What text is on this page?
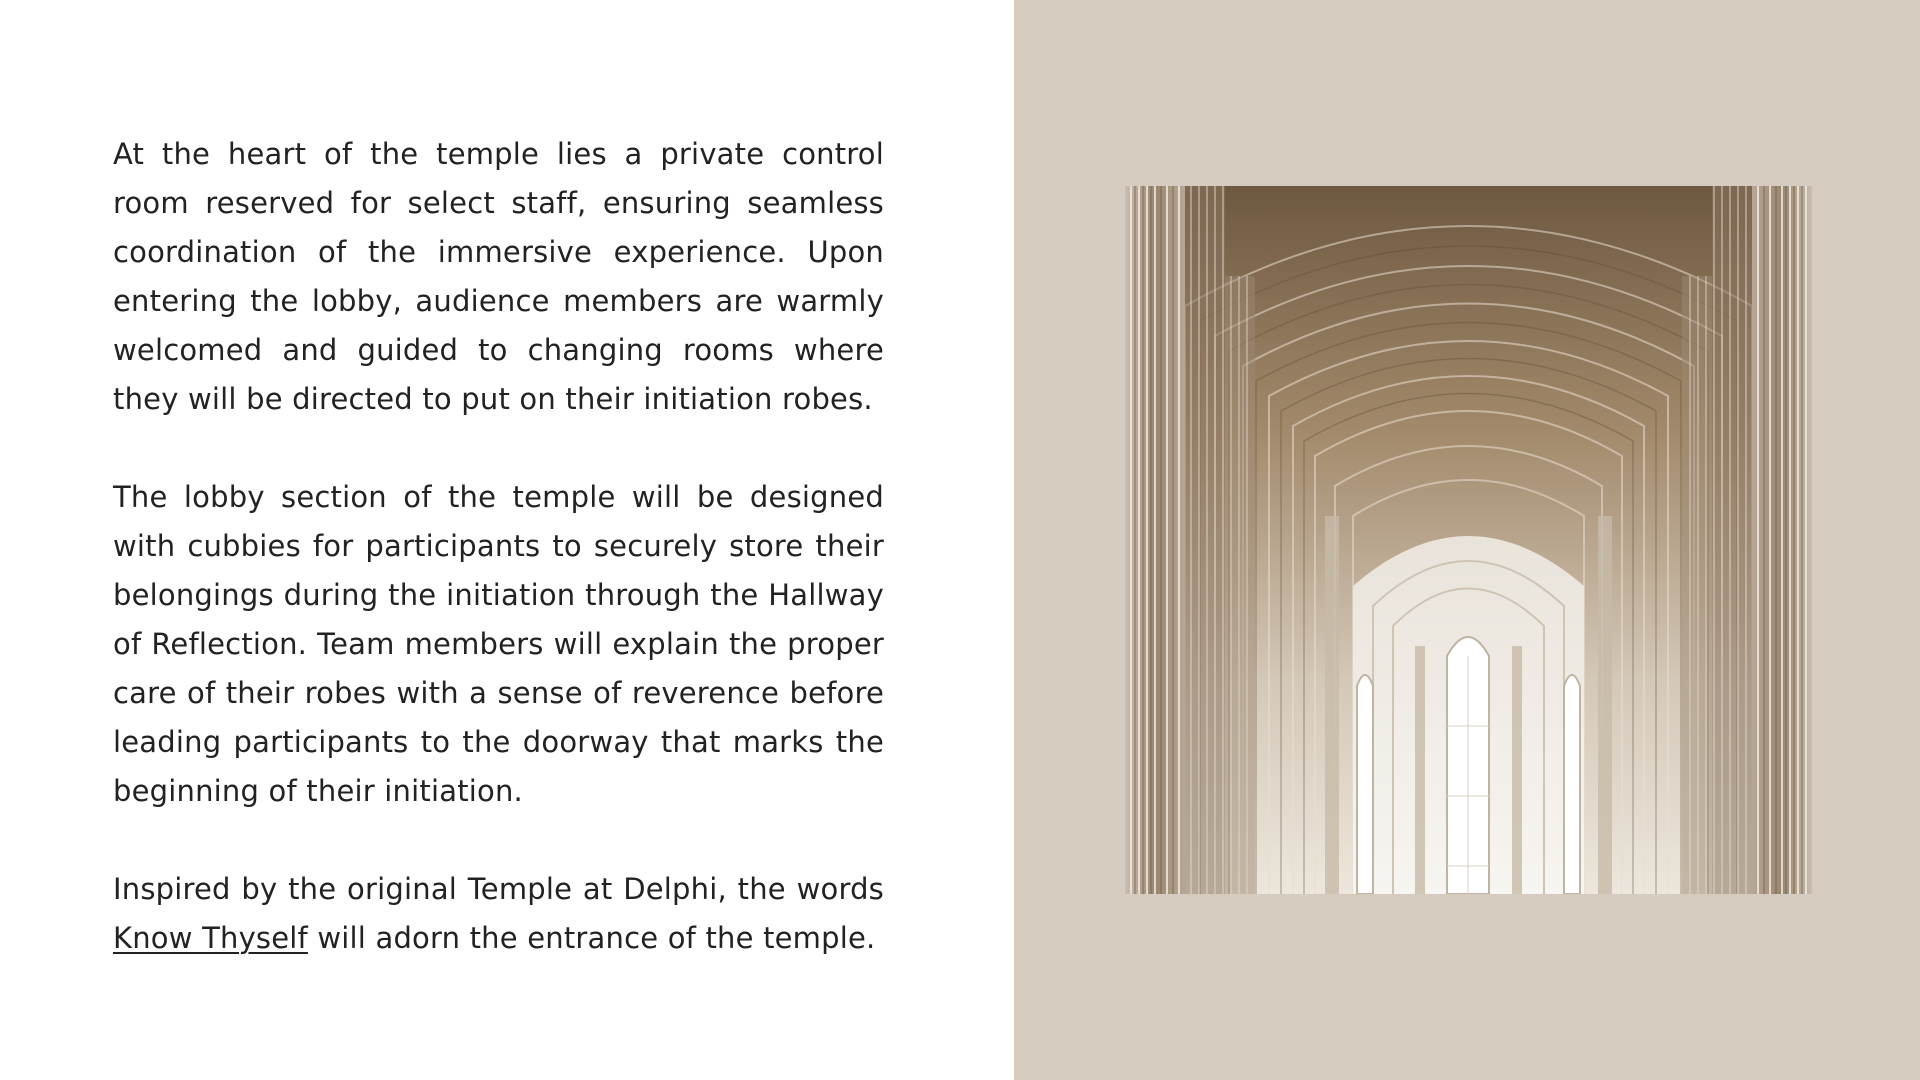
At the heart of the temple lies a private control room reserved for select staff, ensuring seamless coordination of the immersive experience. Upon entering the lobby, audience members are warmly welcomed and guided to changing rooms where they will be directed to put on their initiation robes.

The lobby section of the temple will be designed with cubbies for participants to securely store their belongings during the initiation through the Hallway of Reflection. Team members will explain the proper care of their robes with a sense of reverence before leading participants to the doorway that marks the beginning of their initiation.

Inspired by the original Temple at Delphi, the words Know Thyself will adorn the entrance of the temple.
